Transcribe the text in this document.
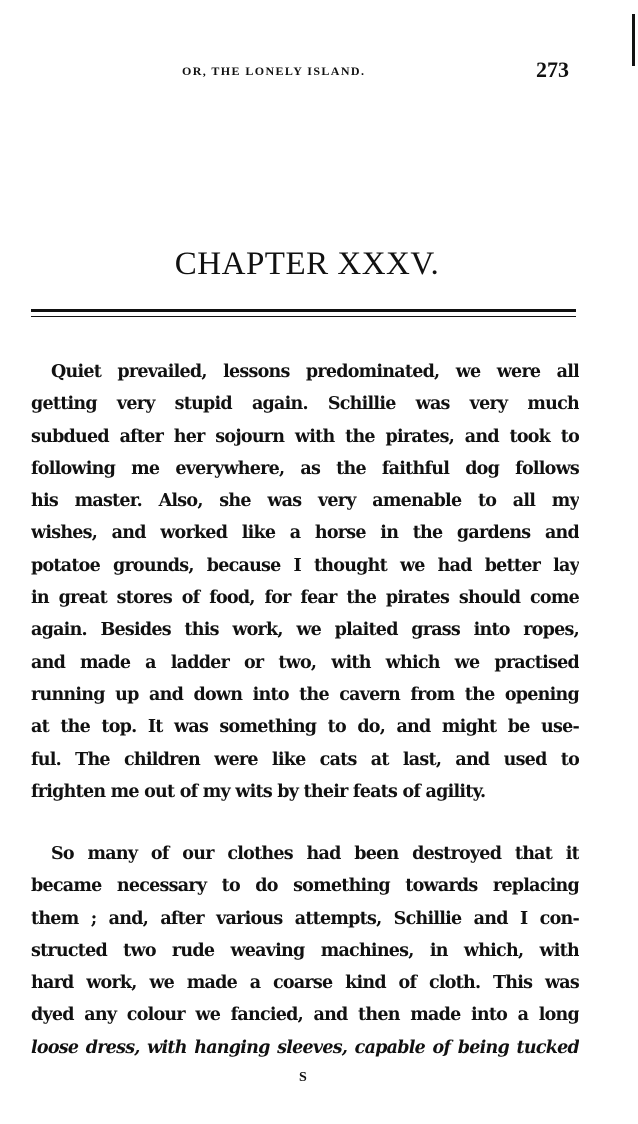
OR, THE LONELY ISLAND.	273
CHAPTER XXXV.
Quiet prevailed, lessons predominated, we were all
getting very stupid again. Schillie was very much
subdued after her sojourn with the pirates, and took to
following me everywhere, as the faithful dog follows
his master. Also, she was very amenable to all my
wishes, and worked like a horse in the gardens and
potatoe grounds, because I thought we had better lay
in great stores of food, for fear the pirates should come
again. Besides this work, we plaited grass into ropes,
and made a ladder or two, with which we practised
running up and down into the cavern from the opening
at the top. It was something to do, and might be use-
ful. The children were like cats at last, and used to
frighten me out of my wits by their feats of agility.
So many of our clothes had been destroyed that it
became necessary to do something towards replacing
them ; and, after various attempts, Schillie and I con-
structed two rude weaving machines, in which, with
hard work, we made a coarse kind of cloth. This was
dyed any colour we fancied, and then made into a long
loose dress, with hanging sleeves, capable of being tucked
S
